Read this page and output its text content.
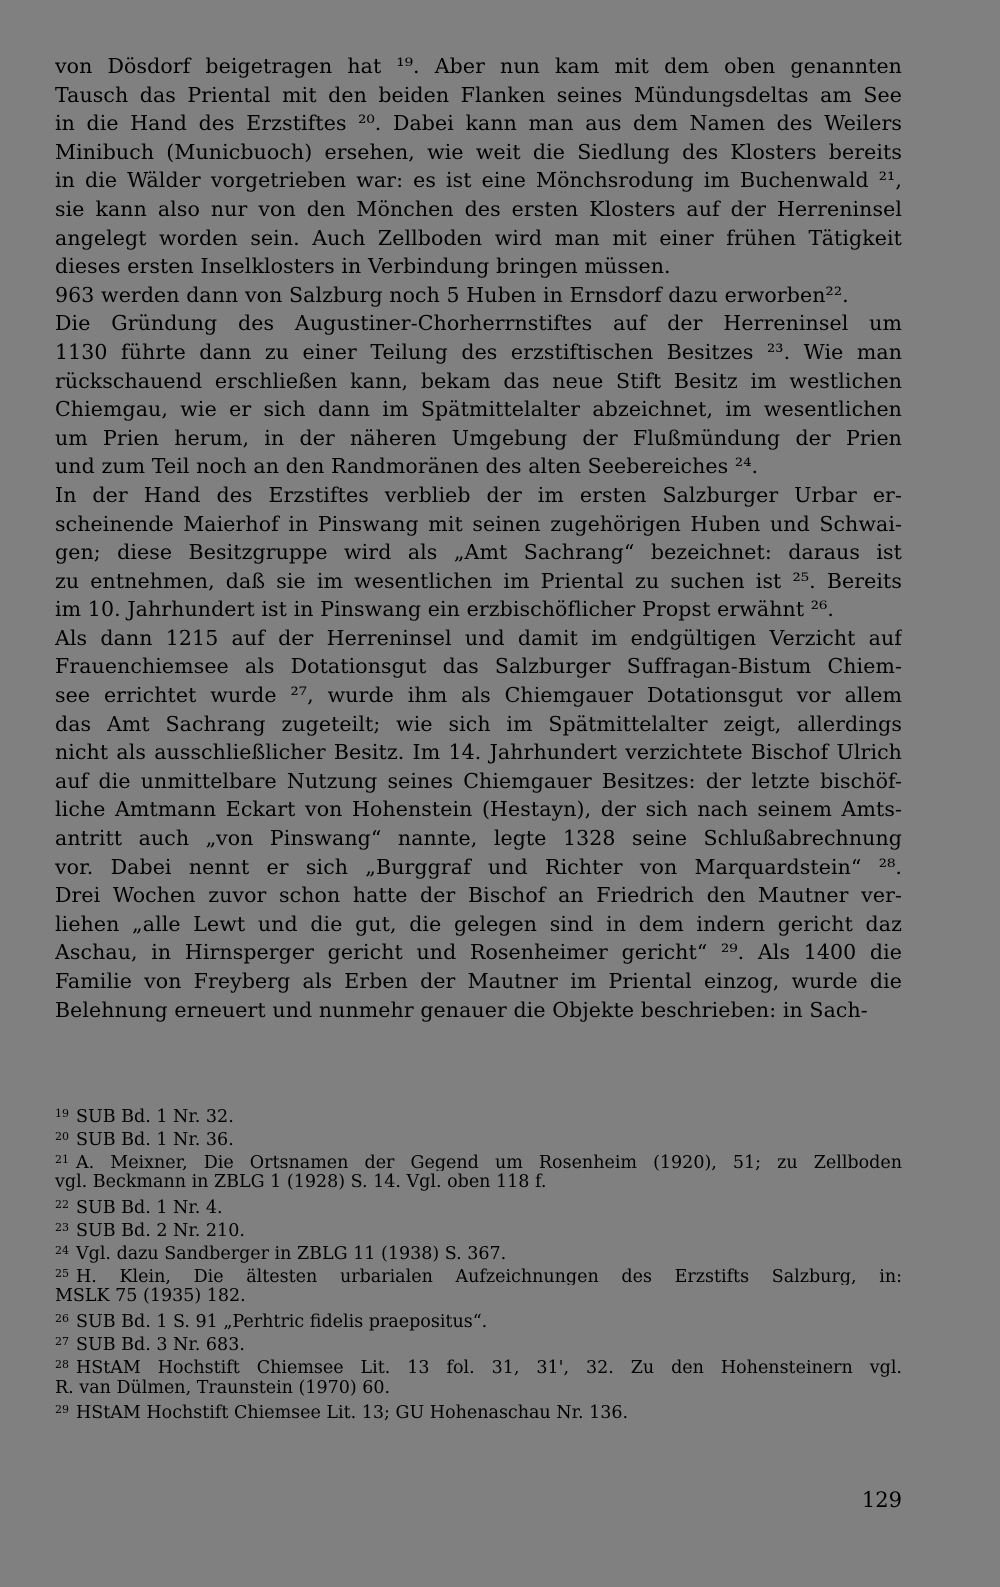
von Dösdorf beigetragen hat ¹⁹. Aber nun kam mit dem oben genannten
Tausch das Priental mit den beiden Flanken seines Mündungsdeltas am See
in die Hand des Erzstiftes ²⁰. Dabei kann man aus dem Namen des Weilers
Minibuch (Municbuoch) ersehen, wie weit die Siedlung des Klosters bereits
in die Wälder vorgetrieben war: es ist eine Mönchsrodung im Buchenwald ²¹,
sie kann also nur von den Mönchen des ersten Klosters auf der Herreninsel
angelegt worden sein. Auch Zellboden wird man mit einer frühen Tätigkeit
dieses ersten Inselklosters in Verbindung bringen müssen.
963 werden dann von Salzburg noch 5 Huben in Ernsdorf dazu erworben²².
Die Gründung des Augustiner-Chorherrnstiftes auf der Herreninsel um
1130 führte dann zu einer Teilung des erzstiftischen Besitzes ²³. Wie man
rückschauend erschließen kann, bekam das neue Stift Besitz im westlichen
Chiemgau, wie er sich dann im Spätmittelalter abzeichnet, im wesentlichen
um Prien herum, in der näheren Umgebung der Flußmündung der Prien
und zum Teil noch an den Randmoränen des alten Seebereiches ²⁴.
In der Hand des Erzstiftes verblieb der im ersten Salzburger Urbar er-
scheinende Maierhof in Pinswang mit seinen zugehörigen Huben und Schwai-
gen; diese Besitzgruppe wird als „Amt Sachrang“ bezeichnet: daraus ist
zu entnehmen, daß sie im wesentlichen im Priental zu suchen ist ²⁵. Bereits
im 10. Jahrhundert ist in Pinswang ein erzbischöflicher Propst erwähnt ²⁶.
Als dann 1215 auf der Herreninsel und damit im endgültigen Verzicht auf
Frauenchiemsee als Dotationsgut das Salzburger Suffragan-Bistum Chiem-
see errichtet wurde ²⁷, wurde ihm als Chiemgauer Dotationsgut vor allem
das Amt Sachrang zugeteilt; wie sich im Spätmittelalter zeigt, allerdings
nicht als ausschließlicher Besitz. Im 14. Jahrhundert verzichtete Bischof Ulrich
auf die unmittelbare Nutzung seines Chiemgauer Besitzes: der letzte bischöf-
liche Amtmann Eckart von Hohenstein (Hestayn), der sich nach seinem Amts-
antritt auch „von Pinswang“ nannte, legte 1328 seine Schlußabrechnung
vor. Dabei nennt er sich „Burggraf und Richter von Marquardstein“ ²⁸.
Drei Wochen zuvor schon hatte der Bischof an Friedrich den Mautner ver-
liehen „alle Lewt und die gut, die gelegen sind in dem indern gericht daz
Aschau, in Hirnsperger gericht und Rosenheimer gericht“ ²⁹. Als 1400 die
Familie von Freyberg als Erben der Mautner im Priental einzog, wurde die
Belehnung erneuert und nunmehr genauer die Objekte beschrieben: in Sach-
19 SUB Bd. 1 Nr. 32.
20 SUB Bd. 1 Nr. 36.
21 A. Meixner, Die Ortsnamen der Gegend um Rosenheim (1920), 51; zu Zellboden
vgl. Beckmann in ZBLG 1 (1928) S. 14. Vgl. oben 118 f.
22 SUB Bd. 1 Nr. 4.
23 SUB Bd. 2 Nr. 210.
24 Vgl. dazu Sandberger in ZBLG 11 (1938) S. 367.
25 H. Klein, Die ältesten urbarialen Aufzeichnungen des Erzstifts Salzburg, in:
MSLK 75 (1935) 182.
26 SUB Bd. 1 S. 91 „Perhtric fidelis praepositus“.
27 SUB Bd. 3 Nr. 683.
28 HStAM Hochstift Chiemsee Lit. 13 fol. 31, 31', 32. Zu den Hohensteinern vgl.
R. van Dülmen, Traunstein (1970) 60.
29 HStAM Hochstift Chiemsee Lit. 13; GU Hohenaschau Nr. 136.
129
